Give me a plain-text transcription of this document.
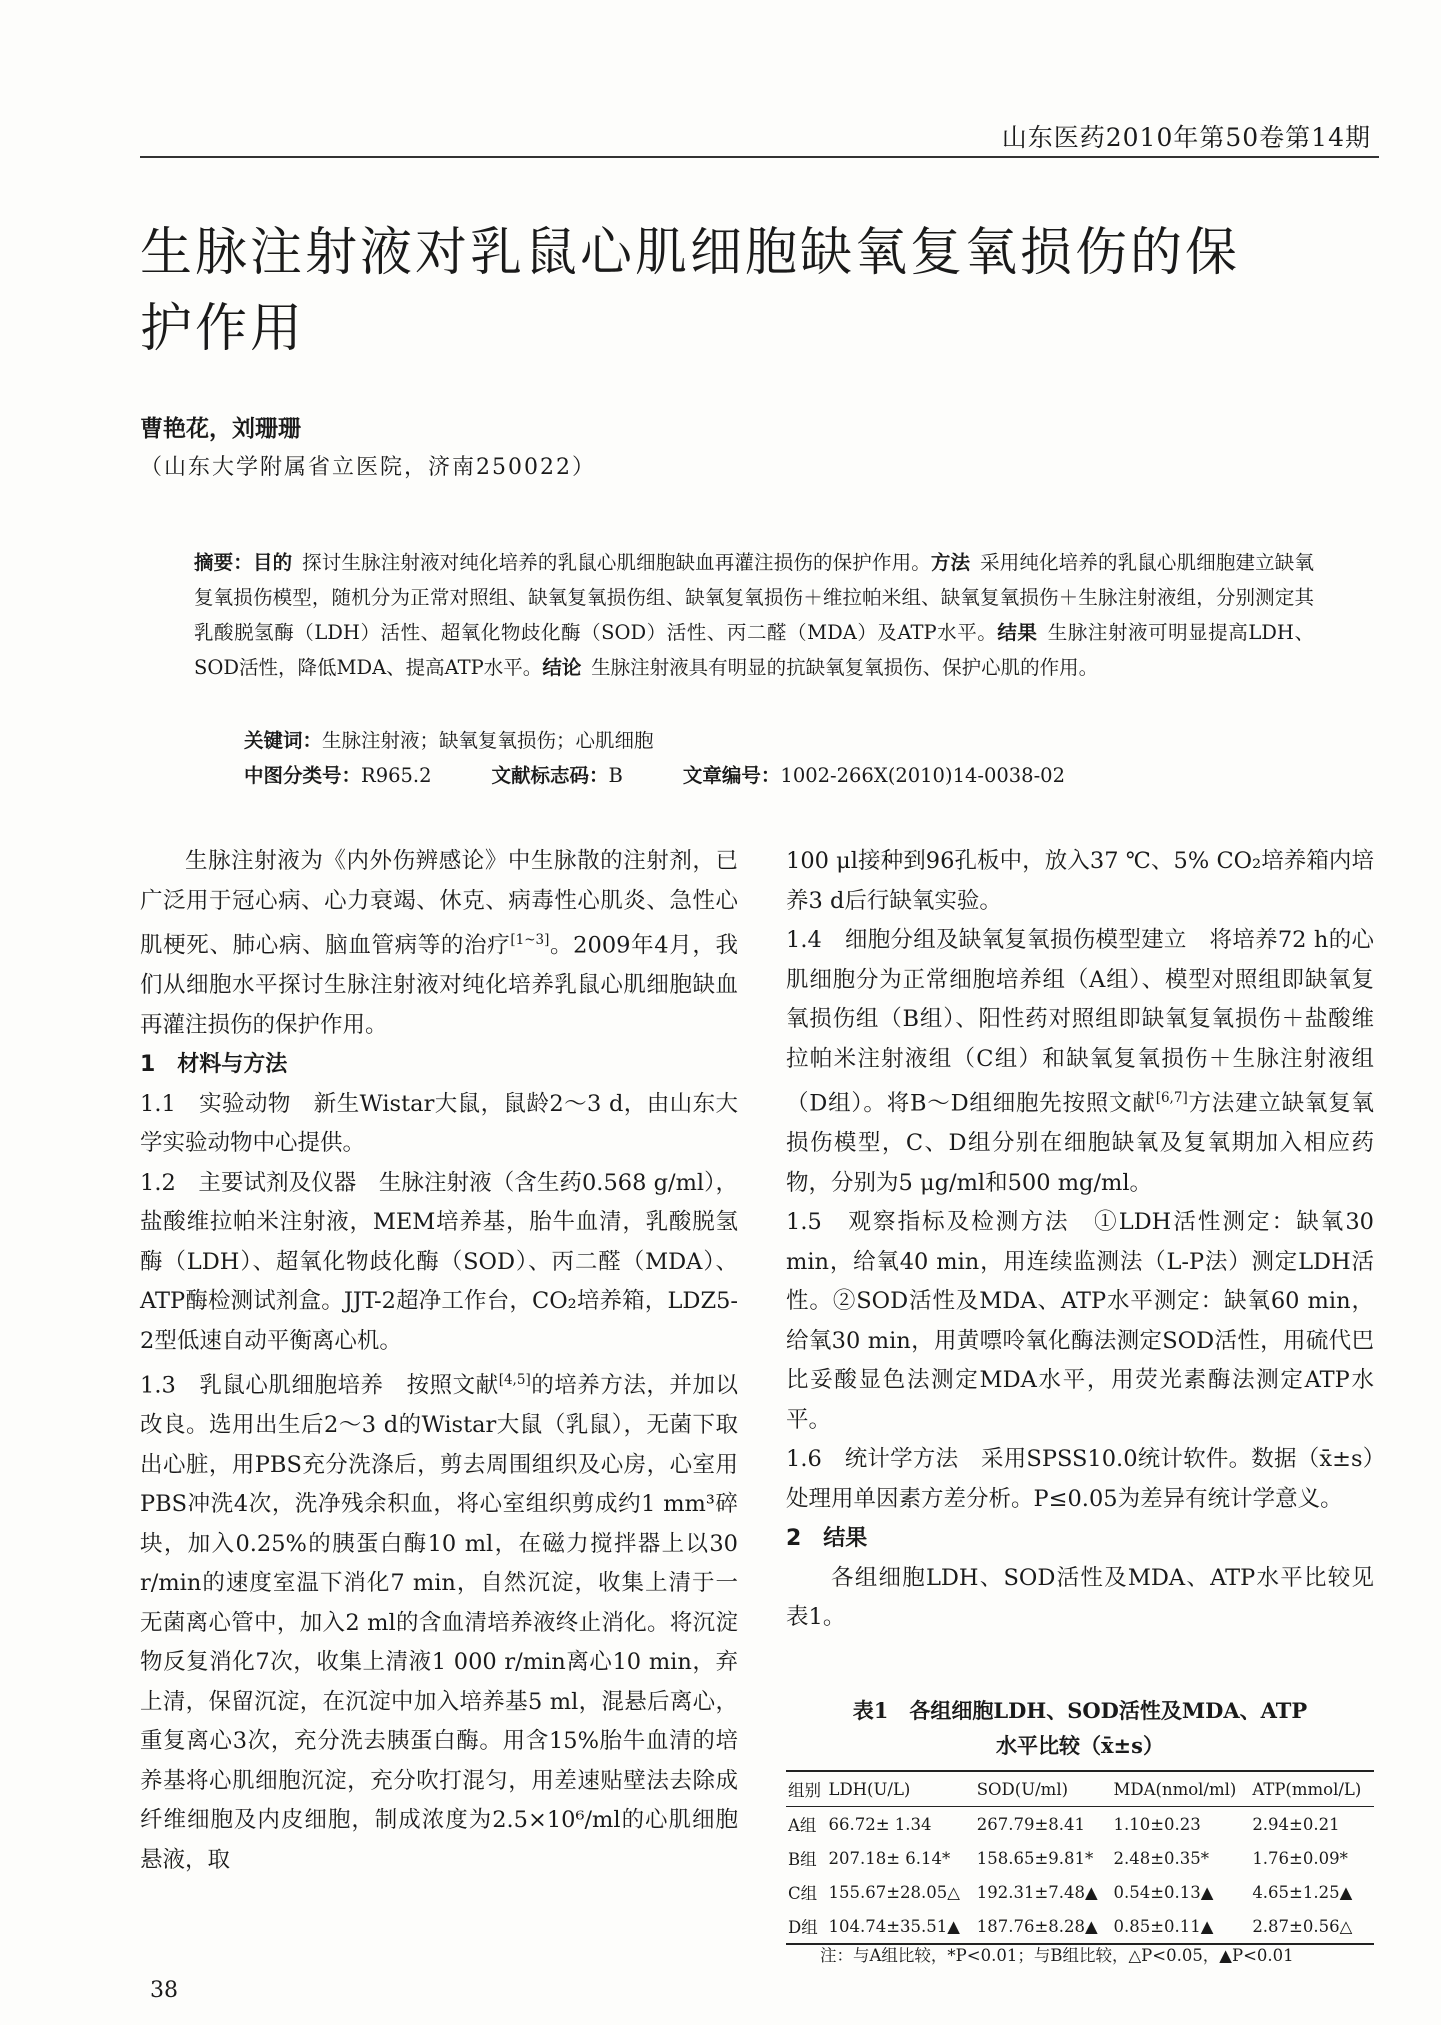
山东医药2010年第50卷第14期
生脉注射液对乳鼠心肌细胞缺氧复氧损伤的保护作用
曹艳花，刘珊珊
（山东大学附属省立医院，济南250022）
摘要：目的  探讨生脉注射液对纯化培养的乳鼠心肌细胞缺血再灌注损伤的保护作用。方法  采用纯化培养的乳鼠心肌细胞建立缺氧复氧损伤模型，随机分为正常对照组、缺氧复氧损伤组、缺氧复氧损伤＋维拉帕米组、缺氧复氧损伤＋生脉注射液组，分别测定其乳酸脱氢酶（LDH）活性、超氧化物歧化酶（SOD）活性、丙二醛（MDA）及ATP水平。结果  生脉注射液可明显提高LDH、SOD活性，降低MDA、提高ATP水平。结论  生脉注射液具有明显的抗缺氧复氧损伤、保护心肌的作用。
关键词：生脉注射液；缺氧复氧损伤；心肌细胞
中图分类号：R965.2	文献标志码：B	文章编号：1002-266X(2010)14-0038-02

生脉注射液为《内外伤辨感论》中生脉散的注射剂，已广泛用于冠心病、心力衰竭、休克、病毒性心肌炎、急性心肌梗死、肺心病、脑血管病等的治疗[1~3]。2009年4月，我们从细胞水平探讨生脉注射液对纯化培养乳鼠心肌细胞缺血再灌注损伤的保护作用。

1　材料与方法

1.1　实验动物　新生Wistar大鼠，鼠龄2～3 d，由山东大学实验动物中心提供。

1.2　主要试剂及仪器　生脉注射液（含生药0.568 g/ml），盐酸维拉帕米注射液，MEM培养基，胎牛血清，乳酸脱氢酶（LDH）、超氧化物歧化酶（SOD）、丙二醛（MDA）、ATP酶检测试剂盒。JJT-2超净工作台，CO₂培养箱，LDZ5-2型低速自动平衡离心机。

1.3　乳鼠心肌细胞培养　按照文献[4,5]的培养方法，并加以改良。选用出生后2～3 d的Wistar大鼠（乳鼠），无菌下取出心脏，用PBS充分洗涤后，剪去周围组织及心房，心室用PBS冲洗4次，洗净残余积血，将心室组织剪成约1 mm³碎块，加入0.25%的胰蛋白酶10 ml，在磁力搅拌器上以30 r/min的速度室温下消化7 min，自然沉淀，收集上清于一无菌离心管中，加入2 ml的含血清培养液终止消化。将沉淀物反复消化7次，收集上清液1 000 r/min离心10 min，弃上清，保留沉淀，在沉淀中加入培养基5 ml，混悬后离心，重复离心3次，充分洗去胰蛋白酶。用含15%胎牛血清的培养基将心肌细胞沉淀，充分吹打混匀，用差速贴壁法去除成纤维细胞及内皮细胞，制成浓度为2.5×10⁶/ml的心肌细胞悬液，取

100 μl接种到96孔板中，放入37 ℃、5% CO₂培养箱内培养3 d后行缺氧实验。

1.4　细胞分组及缺氧复氧损伤模型建立　将培养72 h的心肌细胞分为正常细胞培养组（A组）、模型对照组即缺氧复氧损伤组（B组）、阳性药对照组即缺氧复氧损伤＋盐酸维拉帕米注射液组（C组）和缺氧复氧损伤＋生脉注射液组（D组）。将B～D组细胞先按照文献[6,7]方法建立缺氧复氧损伤模型，C、D组分别在细胞缺氧及复氧期加入相应药物，分别为5 μg/ml和500 mg/ml。

1.5　观察指标及检测方法　①LDH活性测定：缺氧30 min，给氧40 min，用连续监测法（L-P法）测定LDH活性。②SOD活性及MDA、ATP水平测定：缺氧60 min，给氧30 min，用黄嘌呤氧化酶法测定SOD活性，用硫代巴比妥酸显色法测定MDA水平，用荧光素酶法测定ATP水平。

1.6　统计学方法　采用SPSS10.0统计软件。数据（x̄±s）处理用单因素方差分析。P≤0.05为差异有统计学意义。

2　结果

各组细胞LDH、SOD活性及MDA、ATP水平比较见表1。

表1　各组细胞LDH、SOD活性及MDA、ATP
水平比较（x̄±s）
组别	LDH(U/L)	SOD(U/ml)	MDA(nmol/ml)	ATP(mmol/L)
A组	66.72± 1.34	267.79±8.41	1.10±0.23	2.94±0.21
B组	207.18± 6.14*	158.65±9.81*	2.48±0.35*	1.76±0.09*
C组	155.67±28.05△	192.31±7.48▲	0.54±0.13▲	4.65±1.25▲
D组	104.74±35.51▲	187.76±8.28▲	0.85±0.11▲	2.87±0.56△
注：与A组比较，*P<0.01；与B组比较，△P<0.05，▲P<0.01
38
